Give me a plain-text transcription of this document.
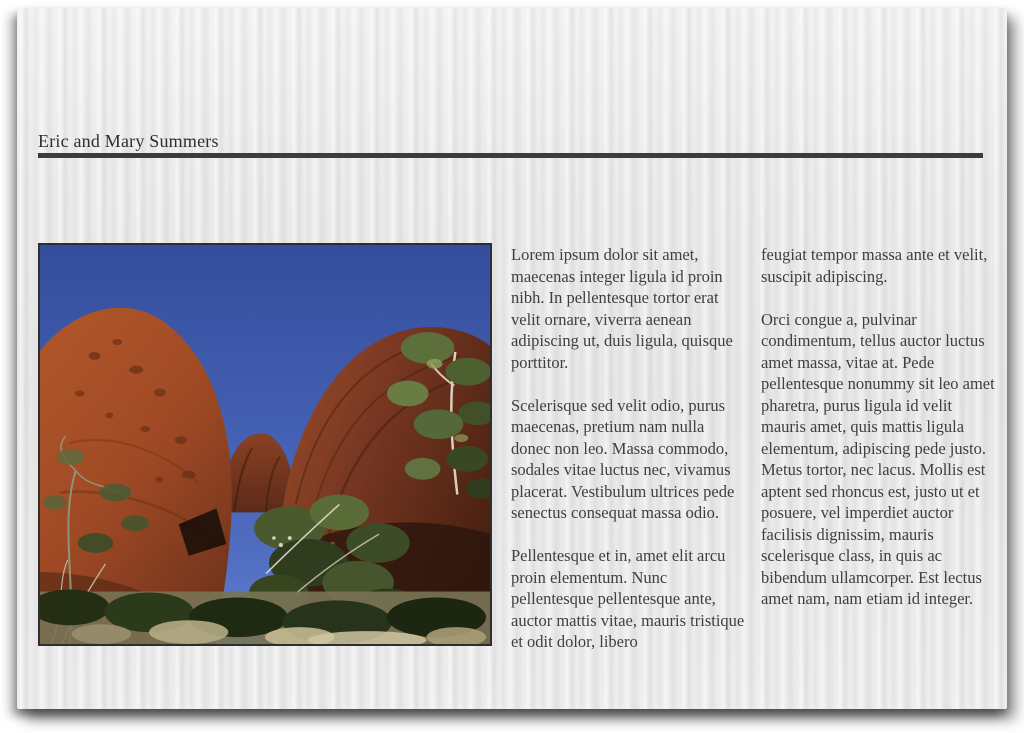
Eric and Mary Summers

Lorem ipsum dolor sit amet, maecenas integer ligula id proin nibh. In pellentesque tortor erat velit ornare, viverra aenean adipiscing ut, duis ligula, quisque porttitor.

Scelerisque sed velit odio, purus maecenas, pretium nam nulla donec non leo. Massa commodo, sodales vitae luctus nec, vivamus placerat. Vestibulum ultrices pede senectus consequat massa odio.

Pellentesque et in, amet elit arcu proin elementum. Nunc pellentesque pellentesque ante, auctor mattis vitae, mauris tristique et odit dolor, libero

feugiat tempor massa ante et velit, suscipit adipiscing.

Orci congue a, pulvinar condimentum, tellus auctor luctus amet massa, vitae at. Pede pellentesque nonummy sit leo amet pharetra, purus ligula id velit mauris amet, quis mattis ligula elementum, adipiscing pede justo. Metus tortor, nec lacus. Mollis est aptent sed rhoncus est, justo ut et posuere, vel imperdiet auctor facilisis dignissim, mauris scelerisque class, in quis ac bibendum ullamcorper. Est lectus amet nam, nam etiam id integer.
